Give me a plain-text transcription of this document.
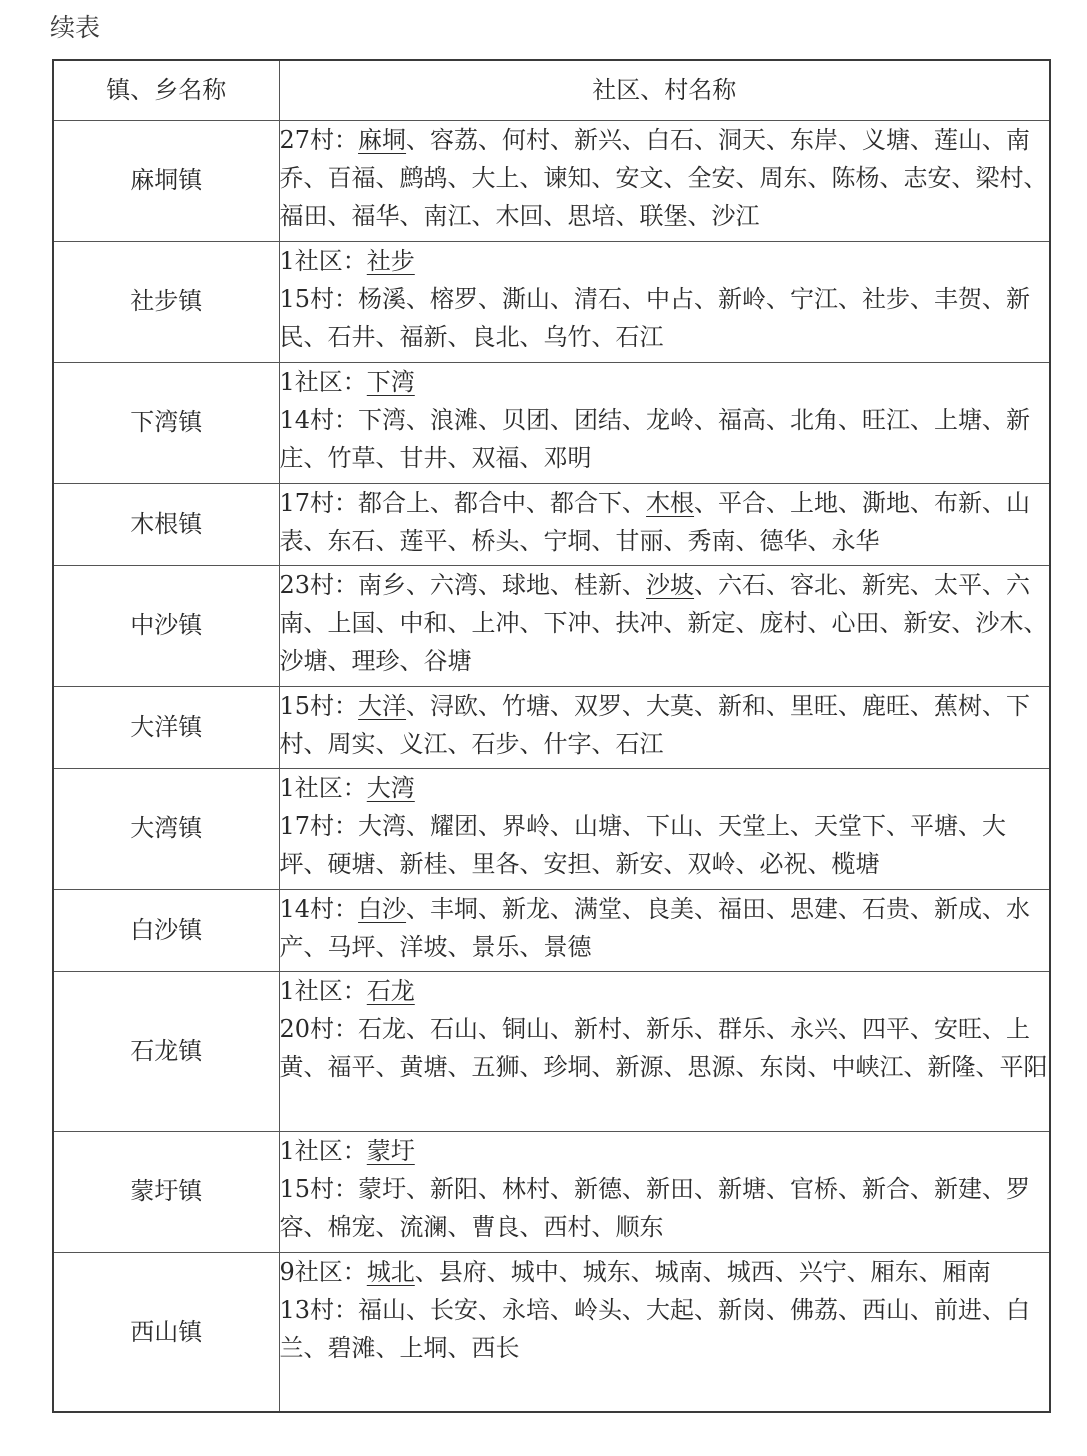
续表
镇、乡名称	社区、村名称
麻垌镇	27村：麻垌、容荔、何村、新兴、白石、洞天、东岸、义塘、莲山、南乔、百福、鹧鸪、大上、谏知、安文、全安、周东、陈杨、志安、梁村、福田、福华、南江、木回、思培、联堡、沙江

社步镇	1社区：社步
15村：杨溪、榕罗、澌山、清石、中占、新岭、宁江、社步、丰贺、新民、石井、福新、良北、乌竹、石江

下湾镇	1社区：下湾
14村：下湾、浪滩、贝团、团结、龙岭、福高、北角、旺江、上塘、新庄、竹草、甘井、双福、邓明

木根镇	17村：都合上、都合中、都合下、木根、平合、上地、澌地、布新、山表、东石、莲平、桥头、宁垌、甘丽、秀南、德华、永华

中沙镇	23村：南乡、六湾、球地、桂新、沙坡、六石、容北、新宪、太平、六南、上国、中和、上冲、下冲、扶冲、新定、庞村、心田、新安、沙木、沙塘、理珍、谷塘

大洋镇	15村：大洋、浔欧、竹塘、双罗、大莫、新和、里旺、鹿旺、蕉树、下村、周实、义江、石步、什字、石江

大湾镇	1社区：大湾
17村：大湾、耀团、界岭、山塘、下山、天堂上、天堂下、平塘、大坪、硬塘、新桂、里各、安担、新安、双岭、必祝、榄塘

白沙镇	14村：白沙、丰垌、新龙、满堂、良美、福田、思建、石贵、新成、水产、马坪、洋坡、景乐、景德

石龙镇	1社区：石龙
20村：石龙、石山、铜山、新村、新乐、群乐、永兴、四平、安旺、上黄、福平、黄塘、五狮、珍垌、新源、思源、东岗、中峡江、新隆、平阳

蒙圩镇	1社区：蒙圩
15村：蒙圩、新阳、林村、新德、新田、新塘、官桥、新合、新建、罗容、棉宠、流澜、曹良、西村、顺东

西山镇	9社区：城北、县府、城中、城东、城南、城西、兴宁、厢东、厢南
13村：福山、长安、永培、岭头、大起、新岗、佛荔、西山、前进、白兰、碧滩、上垌、西长
